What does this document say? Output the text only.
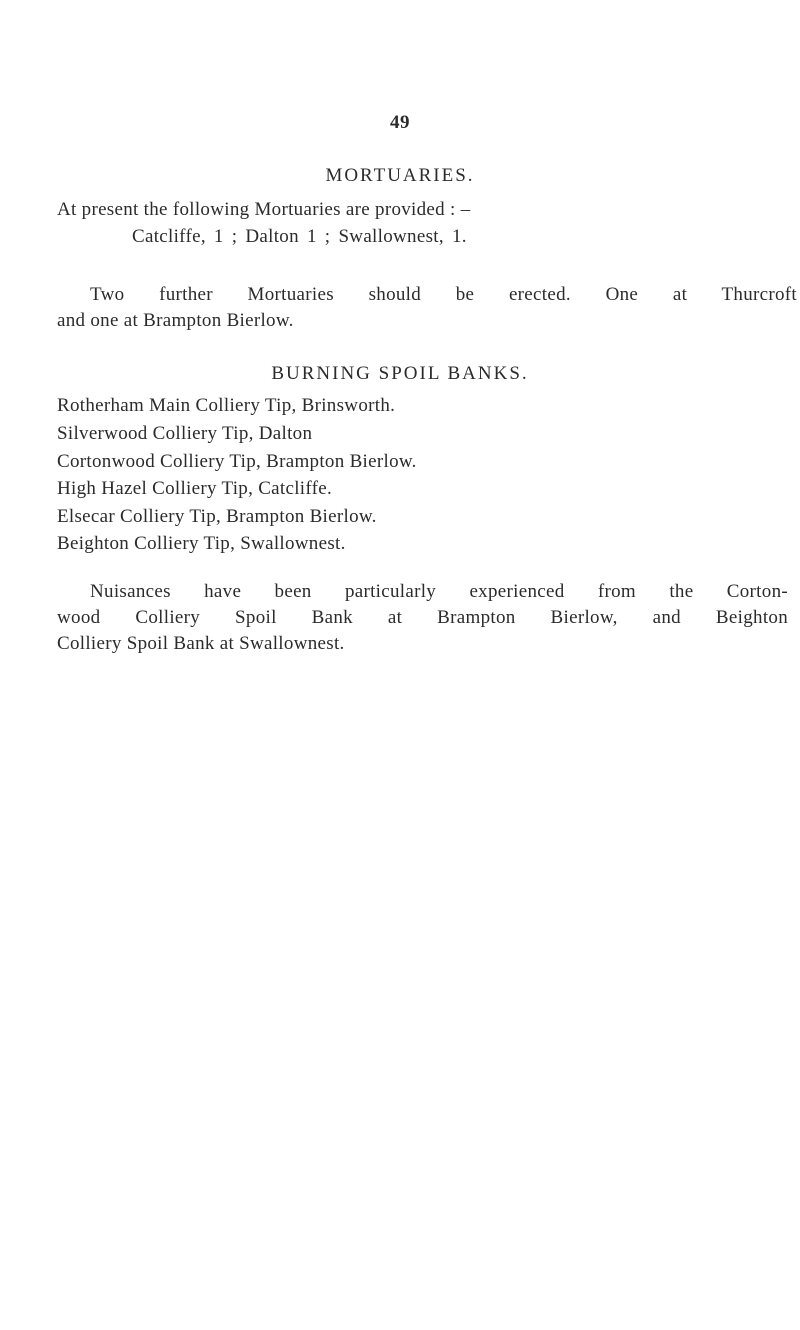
49
MORTUARIES.
At present the following Mortuaries are provided : –
Catcliffe, 1 ; Dalton 1 ; Swallownest, 1.
Two further Mortuaries should be erected. One at Thurcroft
and one at Brampton Bierlow.
BURNING SPOIL BANKS.
Rotherham Main Colliery Tip, Brinsworth.
Silverwood Colliery Tip, Dalton
Cortonwood Colliery Tip, Brampton Bierlow.
High Hazel Colliery Tip, Catcliffe.
Elsecar Colliery Tip, Brampton Bierlow.
Beighton Colliery Tip, Swallownest.
Nuisances have been particularly experienced from the Corton-
wood Colliery Spoil Bank at Brampton Bierlow, and Beighton
Colliery Spoil Bank at Swallownest.
